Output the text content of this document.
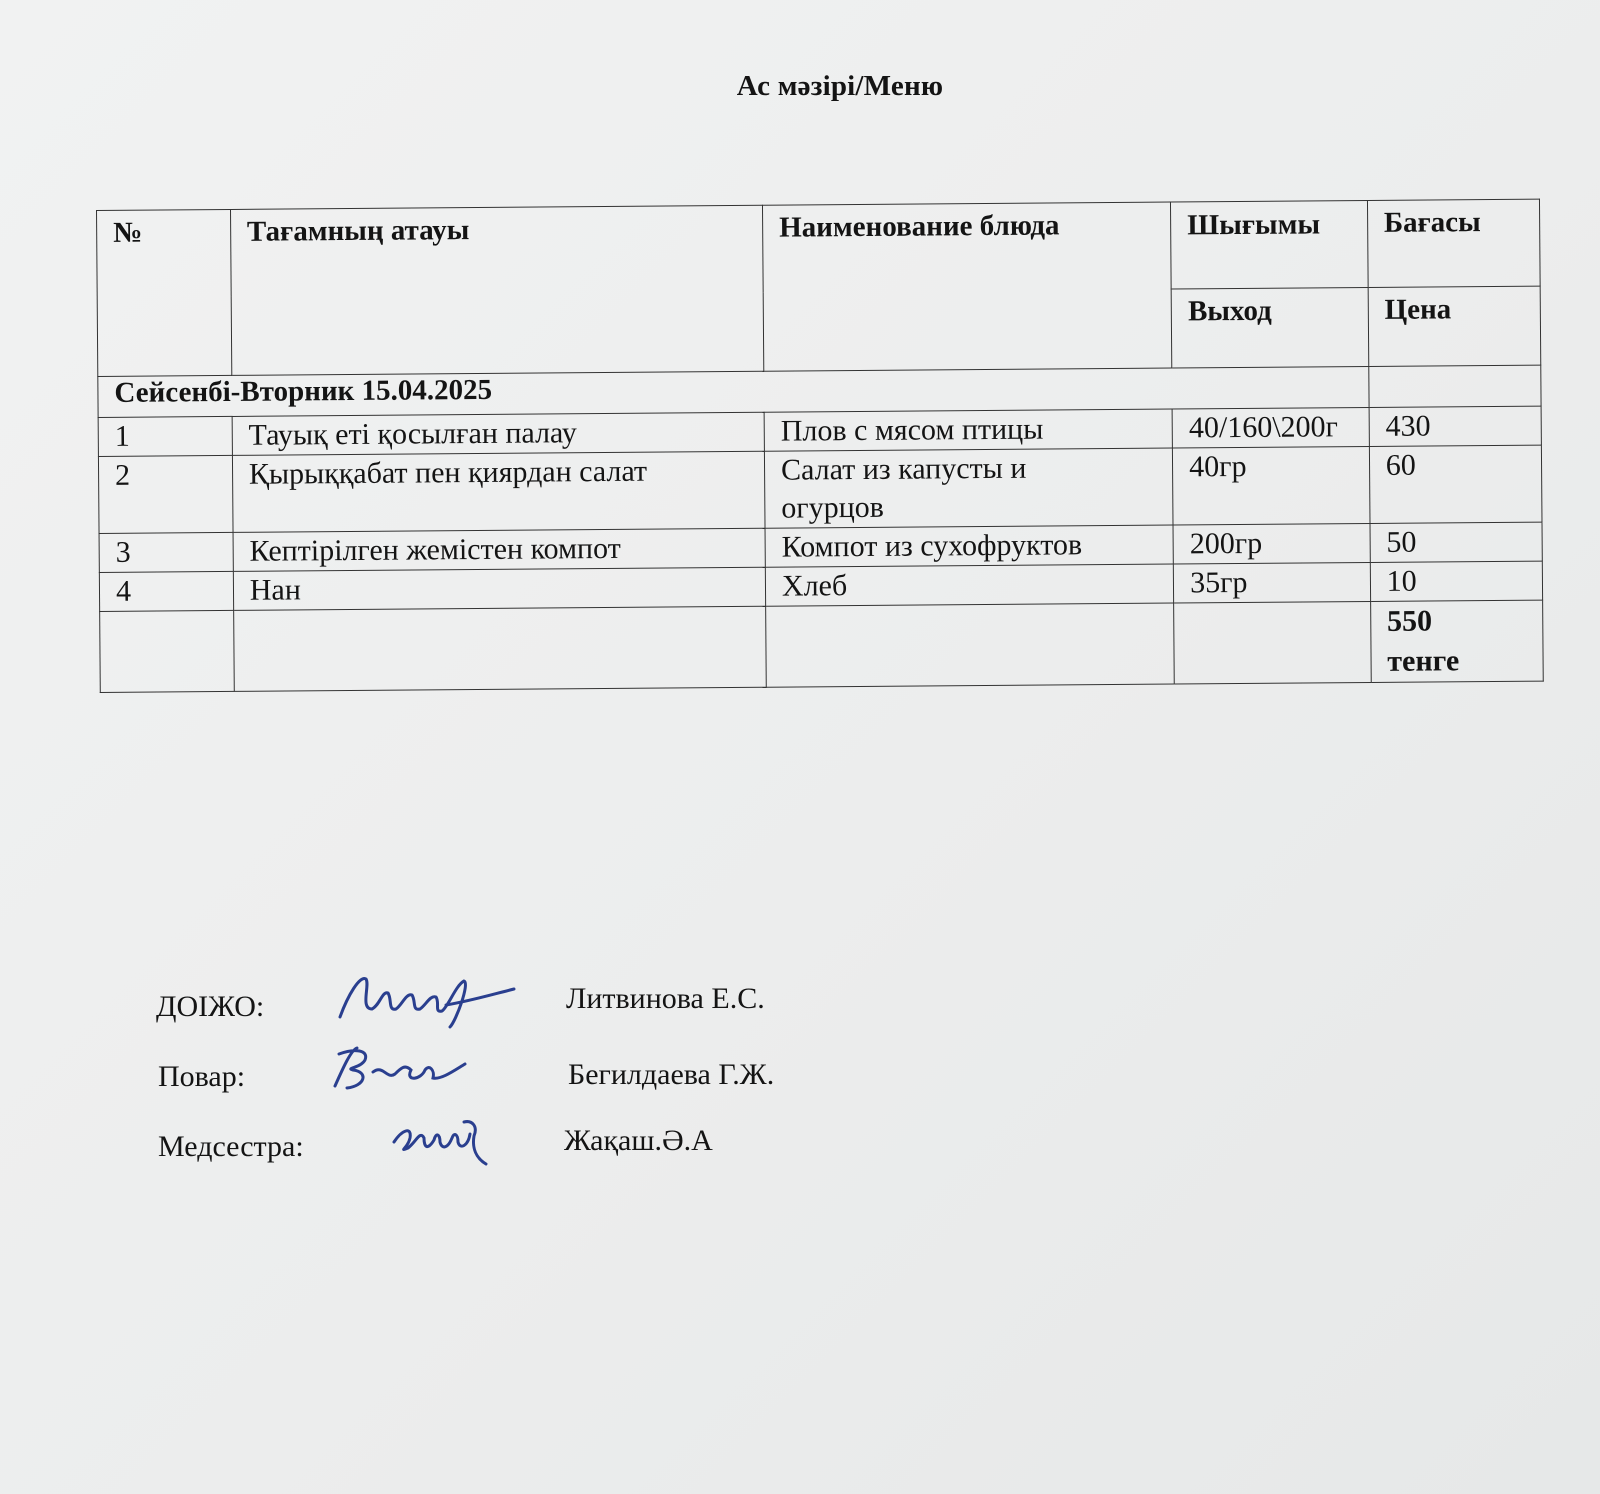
Ас мәзірі/Меню
№	Тағамның атауы	Наименование блюда	Шығымы	Бағасы
			Выход	Цена
Сейсенбі-Вторник 15.04.2025				
1	Тауық еті қосылған палау	Плов с мясом птицы	40/160\200г	430
2	Қырыққабат пен қиярдан салат	Салат из капусты и огурцов	40гр	60
3	Кептірілген жемістен компот	Компот из сухофруктов	200гр	50
4	Нан	Хлеб	35гр	10
				550 тенге
ДОІЖО:	Литвинова Е.С.
Повар:	Бегилдаева Г.Ж.
Медсестра:	Жақаш.Ә.А
